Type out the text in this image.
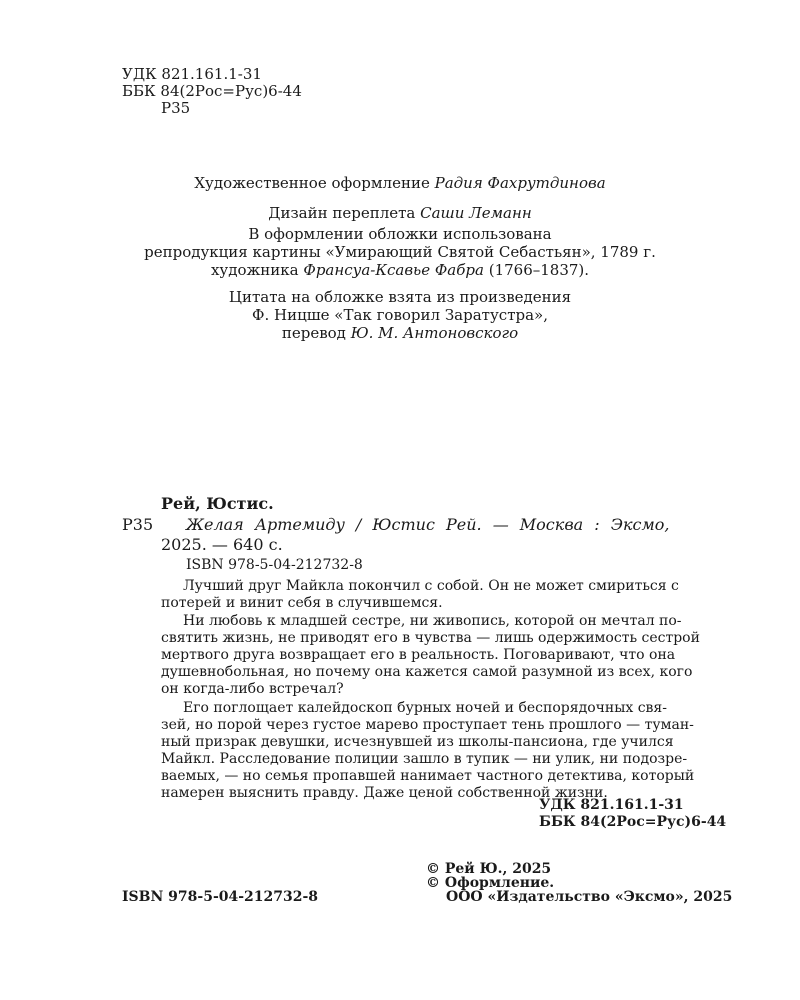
УДК 821.161.1-31
ББК 84(2Рос=Рус)6-44
Р35
Художественное оформление Радия Фахрутдинова
Дизайн переплета Саши Леманн
В оформлении обложки использована
репродукция картины «Умирающий Святой Себастьян», 1789 г.
художника Франсуа-Ксавье Фабра (1766–1837).
Цитата на обложке взята из произведения
Ф. Ницше «Так говорил Заратустра»,
перевод Ю. М. Антоновского
Рей, Юстис.
Р35 Желая Артемиду / Юстис Рей. — Москва : Эксмо,
2025. — 640 с.
ISBN 978-5-04-212732-8
Лучший друг Майкла покончил с собой. Он не может смириться с
потерей и винит себя в случившемся.
Ни любовь к младшей сестре, ни живопись, которой он мечтал по-
святить жизнь, не приводят его в чувства — лишь одержимость сестрой
мертвого друга возвращает его в реальность. Поговаривают, что она
душевнобольная, но почему она кажется самой разумной из всех, кого
он когда-либо встречал?
Его поглощает калейдоскоп бурных ночей и беспорядочных свя-
зей, но порой через густое марево проступает тень прошлого — туман-
ный призрак девушки, исчезнувшей из школы-пансиона, где учился
Майкл. Расследование полиции зашло в тупик — ни улик, ни подозре-
ваемых, — но семья пропавшей нанимает частного детектива, который
намерен выяснить правду. Даже ценой собственной жизни.
УДК 821.161.1-31
ББК 84(2Рос=Рус)6-44
ISBN 978-5-04-212732-8
© Рей Ю., 2025
© Оформление.
ООО «Издательство «Эксмо», 2025
